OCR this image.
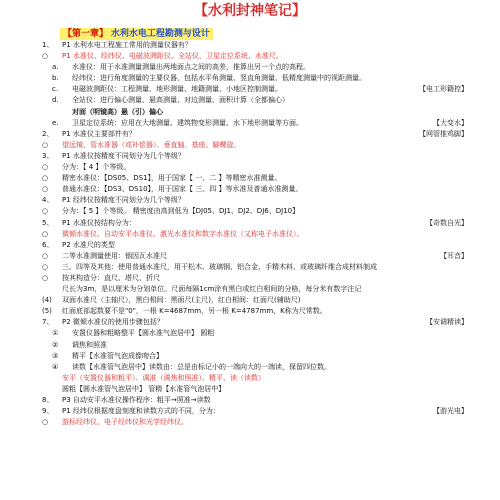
【水利封神笔记】
【第一章】 水利水电工程勘测与设计
1、 P1 水利水电工程施工常用的测量仪器有？
○ P1 水准仪、经纬仪、电磁波测距仪、全站仪、卫星定位系统、水准尺。
a. 水准仪：用于水准测量测量出两地面点之间的高差，推算出另一个点的高程。
b. 经纬仪：进行角度测量的主要仪器，包括水平角测量、竖直角测量、低精度测量中的视距测量。
c. 电磁波测距仪：工程测量、地形测量、地籍测量、小地区控制测量。	【电工形籍控】
d. 全站仪：进行偏心测量、悬高测量、对边测量、面积计算（全都偏心）
对面（明镜高）悬（引）偏心
e. 卫星定位系统：应用在大地测量、建筑物变形测量、水下地形测量等方面。	【大变水】
2、 P1 水准仪主要部件有？	【网管推鸡脚】
○ 望远镜、管水准器（或补偿器）、垂直轴、基座、脚螺旋。
3、 P1 水准仪按精度不同划分为几个等级？
○ 分为：【 4 】个等级。
○ 精密水准仪：【DS05、DS1】，用于国家【 一、二 】等精密水准测量。
○ 普通水准仪：【DS3、DS10】，用于国家【 三、四 】等水准及普通水准测量。
4、 P1 经纬仪按精度不同划分为几个等级？
○ 分为：【 5 】个等级。 精密度由高到低为【DJ05、DJ1、DJ2、DJ6、DJ10】
5、 P1 水准仪按结构分为：	【奇数自光】
○ 微倾水准仪、自动安平水准仪、激光水准仪和数字水准仪（又称电子水准仪）。
6、 P2 水准尺的类型
○ 二等水准测量使用：铟因瓦水准尺	【耳音】
○ 三、四等及其他：使用普通水准尺，用干松木、玻璃钢、铝合金、手精木料、或玻璃纤维合成材料制成
○ 按其构造分：直尺、塔尺、折尺
尺长为3m，是以厘米为分划单位。尺面每隔1cm涂有黑白或红白相间的分格，每分米有数字注记
(4) 双面水准尺（主轴尺），黑白相间：黑面尺(主尺)，红白相间：红面尺(辅助尺)
(5) 红面底部起数要不是"0"，一根 K=4687mm，另一根 K=4787mm，K称为尺常数。
7、 P2 微倾水准仪的使用步骤包括？	【安调精读】
① 安置仪器和粗略整平【圆水准气泡居中】 圆粗
② 调焦和照准
③ 精平【水准管气泡成像吻合】
④ 读数【水准管气泡居中】读数由：总是由标记小的一端向大的一端读，保留四位数。
安平（安置仪器和粗平）、调准（调焦和照准）、精平、读（读数）
圆粗【圆水准管气泡居中】 管精【水准管气泡居中】
8、 P3 自动安平水准仪操作程序：粗平→照准→读数
9、 P1 经纬仪根据度盘刻度和读数方式的不同，分为：	【游光电】
○ 游标经纬仪、电子经纬仪和光学经纬仪。
